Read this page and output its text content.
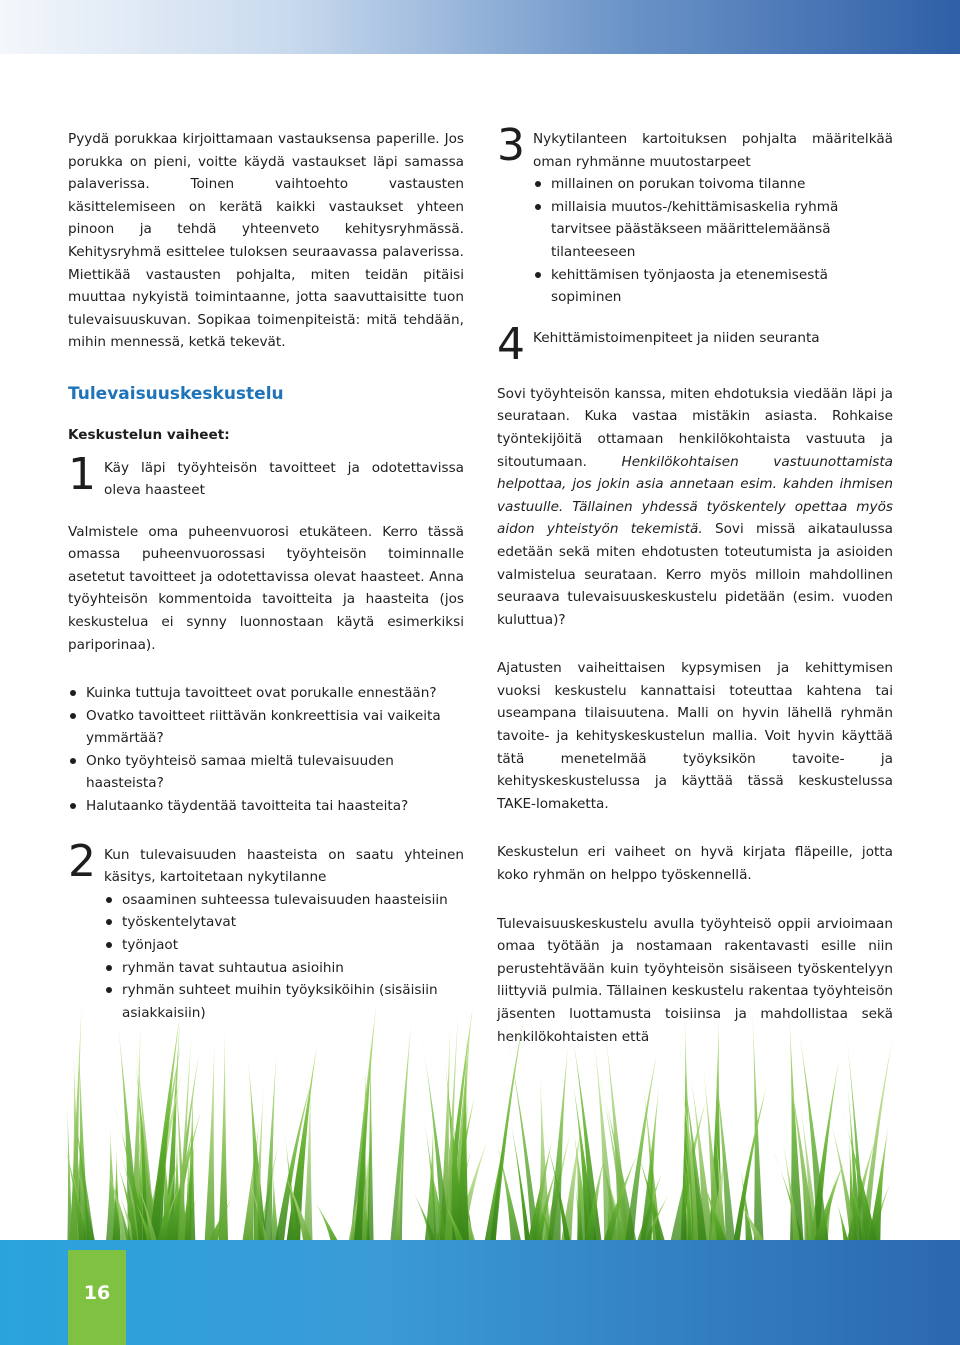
Pyydä porukkaa kirjoittamaan vastauksensa paperille. Jos porukka on pieni, voitte käydä vastaukset läpi samassa palaverissa. Toinen vaihtoehto vastausten käsittelemiseen on kerätä kaikki vastaukset yhteen pinoon ja tehdä yhteenveto kehitysryhmässä. Kehitysryhmä esittelee tuloksen seuraavassa palaverissa. Miettikää vastausten pohjalta, miten teidän pitäisi muuttaa nykyistä toimintaanne, jotta saavuttaisitte tuon tulevaisuuskuvan. Sopikaa toimenpiteistä: mitä tehdään, mihin mennessä, ketkä tekevät.

Tulevaisuuskeskustelu
Keskustelun vaiheet:
1 Käy läpi työyhteisön tavoitteet ja odotettavissa oleva haasteet

Valmistele oma puheenvuorosi etukäteen. Kerro tässä omassa puheenvuorossasi työyhteisön toiminnalle asetetut tavoitteet ja odotettavissa olevat haasteet. Anna työyhteisön kommentoida tavoitteita ja haasteita (jos keskustelua ei synny luonnostaan käytä esimerkiksi pariporinaa).

Kuinka tuttuja tavoitteet ovat porukalle ennestään?
Ovatko tavoitteet riittävän konkreettisia vai vaikeita ymmärtää?
Onko työyhteisö samaa mieltä tulevaisuuden haasteista?
Halutaanko täydentää tavoitteita tai haasteita?
2 Kun tulevaisuuden haasteista on saatu yhteinen käsitys, kartoitetaan nykytilanne

osaaminen suhteessa tulevaisuuden haasteisiin
työskentelytavat
työnjaot
ryhmän tavat suhtautua asioihin
ryhmän suhteet muihin työyksiköihin (sisäisiin asiakkaisiin)
3 Nykytilanteen kartoituksen pohjalta määritelkää oman ryhmänne muutostarpeet

millainen on porukan toivoma tilanne
millaisia muutos-/kehittämisaskelia ryhmä tarvitsee päästäkseen määrittelemäänsä tilanteeseen
kehittämisen työnjaosta ja etenemisestä sopiminen
4 Kehittämistoimenpiteet ja niiden seuranta

Sovi työyhteisön kanssa, miten ehdotuksia viedään läpi ja seurataan. Kuka vastaa mistäkin asiasta. Rohkaise työntekijöitä ottamaan henkilökohtaista vastuuta ja sitoutumaan. Henkilökohtaisen vastuunottamista helpottaa, jos jokin asia annetaan esim. kahden ihmisen vastuulle. Tällainen yhdessä työskentely opettaa myös aidon yhteistyön tekemistä. Sovi missä aikataulussa edetään sekä miten ehdotusten toteutumista ja asioiden valmistelua seurataan. Kerro myös milloin mahdollinen seuraava tulevaisuuskeskustelu pidetään (esim. vuoden kuluttua)?

Ajatusten vaiheittaisen kypsymisen ja kehittymisen vuoksi keskustelu kannattaisi toteuttaa kahtena tai useampana tilaisuutena. Malli on hyvin lähellä ryhmän tavoite- ja kehityskeskustelun mallia. Voit hyvin käyttää tätä menetelmää työyksikön tavoite- ja kehityskeskustelussa ja käyttää tässä keskustelussa TAKE-lomaketta.

Keskustelun eri vaiheet on hyvä kirjata fläpeille, jotta koko ryhmän on helppo työskennellä.

Tulevaisuuskeskustelu avulla työyhteisö oppii arvioimaan omaa työtään ja nostamaan rakentavasti esille niin perustehtävään kuin työyhteisön sisäiseen työskentelyyn liittyviä pulmia. Tällainen keskustelu rakentaa työyhteisön jäsenten luottamusta toisiinsa ja mahdollistaa sekä henkilökohtaisten että

16
